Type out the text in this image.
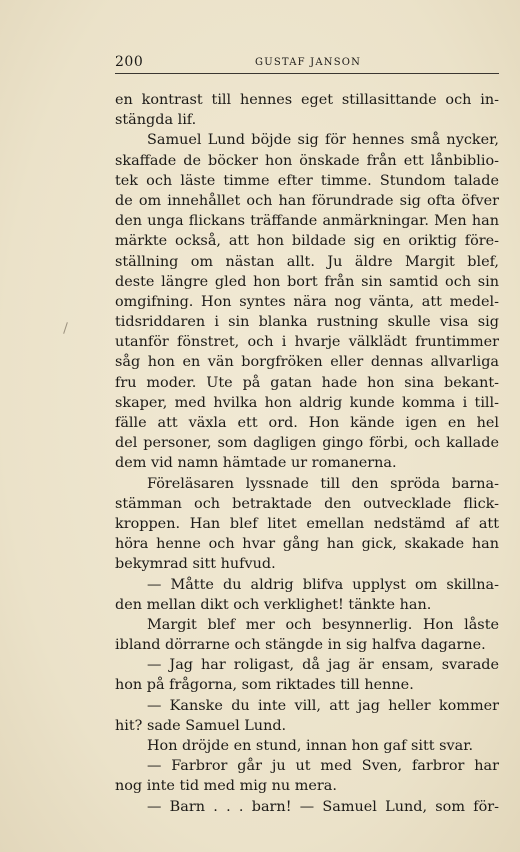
200	GUSTAF JANSON
en kontrast till hennes eget stillasittande och in-
stängda lif.
Samuel Lund böjde sig för hennes små nycker,
skaffade de böcker hon önskade från ett lånbiblio-
tek och läste timme efter timme. Stundom talade
de om innehållet och han förundrade sig ofta öfver
den unga flickans träffande anmärkningar. Men han
märkte också, att hon bildade sig en oriktig före-
ställning om nästan allt. Ju äldre Margit blef,
deste längre gled hon bort från sin samtid och sin
omgifning. Hon syntes nära nog vänta, att medel-
tidsriddaren i sin blanka rustning skulle visa sig
utanför fönstret, och i hvarje välklädt fruntimmer
såg hon en vän borgfröken eller dennas allvarliga
fru moder. Ute på gatan hade hon sina bekant-
skaper, med hvilka hon aldrig kunde komma i till-
fälle att växla ett ord. Hon kände igen en hel
del personer, som dagligen gingo förbi, och kallade
dem vid namn hämtade ur romanerna.
Föreläsaren lyssnade till den spröda barna-
stämman och betraktade den outvecklade flick-
kroppen. Han blef litet emellan nedstämd af att
höra henne och hvar gång han gick, skakade han
bekymrad sitt hufvud.
— Måtte du aldrig blifva upplyst om skillna-
den mellan dikt och verklighet! tänkte han.
Margit blef mer och besynnerlig. Hon låste
ibland dörrarne och stängde in sig halfva dagarne.
— Jag har roligast, då jag är ensam, svarade
hon på frågorna, som riktades till henne.
— Kanske du inte vill, att jag heller kommer
hit? sade Samuel Lund.
Hon dröjde en stund, innan hon gaf sitt svar.
— Farbror går ju ut med Sven, farbror har
nog inte tid med mig nu mera.
— Barn . . . barn! — Samuel Lund, som för-
